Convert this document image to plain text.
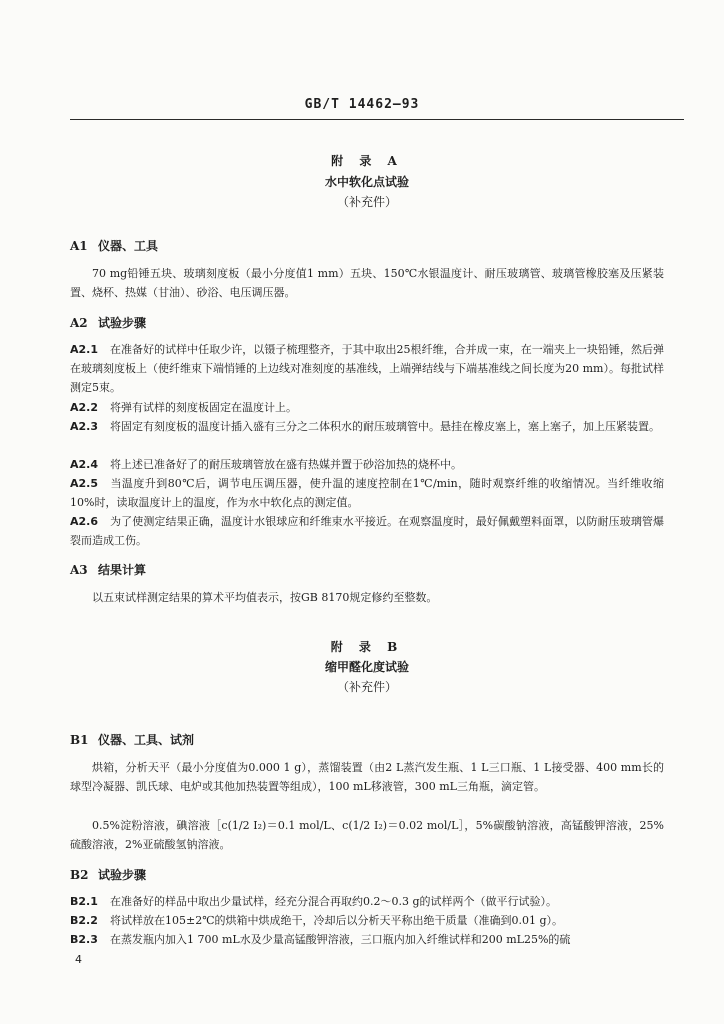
GB/T 14462—93
附 录 A
水中软化点试验
（补充件）
A1 仪器、工具
70 mg铅锤五块、玻璃刻度板（最小分度值1 mm）五块、150℃水银温度计、耐压玻璃管、玻璃管橡胶塞及压紧装置、烧杯、热媒（甘油）、砂浴、电压调压器。
A2 试验步骤
A2.1 在准备好的试样中任取少许，以镊子梳理整齐，于其中取出25根纤维，合并成一束，在一端夹上一块铅锤，然后弹在玻璃刻度板上（使纤维束下端悄锤的上边线对准刻度的基准线，上端弹结线与下端基准线之间长度为20 mm）。每批试样测定5束。
A2.2 将弹有试样的刻度板固定在温度计上。
A2.3 将固定有刻度板的温度计插入盛有三分之二体积水的耐压玻璃管中。悬挂在橡皮塞上，塞上塞子，加上压紧装置。
A2.4 将上述已准备好了的耐压玻璃管放在盛有热媒并置于砂浴加热的烧杯中。
A2.5 当温度升到80℃后，调节电压调压器，使升温的速度控制在1℃/min，随时观察纤维的收缩情况。当纤维收缩10%时，读取温度计上的温度，作为水中软化点的测定值。
A2.6 为了使测定结果正确，温度计水银球应和纤维束水平接近。在观察温度时，最好佩戴塑料面罩，以防耐压玻璃管爆裂而造成工伤。
A3 结果计算
以五束试样测定结果的算术平均值表示，按GB 8170规定修约至整数。
附 录 B
缩甲醛化度试验
（补充件）
B1 仪器、工具、试剂
烘箱，分析天平（最小分度值为0.000 1 g），蒸馏装置（由2 L蒸汽发生瓶、1 L三口瓶、1 L接受器、400 mm长的球型冷凝器、凯氏球、电炉或其他加热装置等组成），100 mL移液管，300 mL三角瓶，滴定管。
0.5%淀粉溶液，碘溶液［c(1/2 I₂)＝0.1 mol/L、c(1/2 I₂)＝0.02 mol/L］，5%碳酸钠溶液，高锰酸钾溶液，25%硫酸溶液，2%亚硫酸氢钠溶液。
B2 试验步骤
B2.1 在准备好的样品中取出少量试样，经充分混合再取约0.2～0.3 g的试样两个（做平行试验）。
B2.2 将试样放在105±2℃的烘箱中烘成绝干，冷却后以分析天平称出绝干质量（准确到0.01 g）。
B2.3 在蒸发瓶内加入1 700 mL水及少量高锰酸钾溶液，三口瓶内加入纤维试样和200 mL25%的硫
4
